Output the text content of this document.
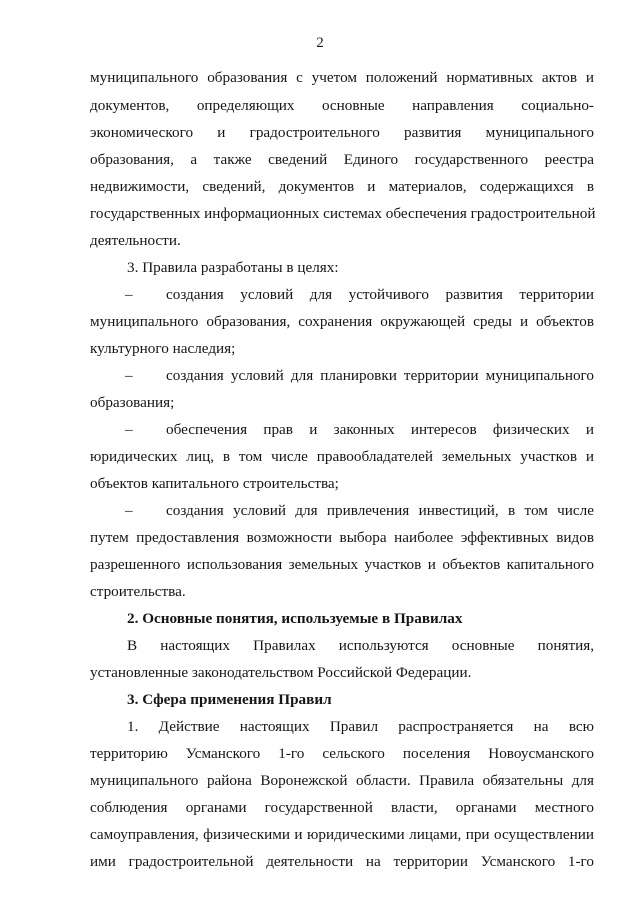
2
муниципального образования с учетом положений нормативных актов и
документов, определяющих основные направления социально-
экономического и градостроительного развития муниципального
образования, а также сведений Единого государственного реестра
недвижимости, сведений, документов и материалов, содержащихся в
государственных информационных системах обеспечения градостроительной
деятельности.
3. Правила разработаны в целях:
– создания условий для устойчивого развития территории
муниципального образования, сохранения окружающей среды и объектов
культурного наследия;
– создания условий для планировки территории муниципального
образования;
– обеспечения прав и законных интересов физических и
юридических лиц, в том числе правообладателей земельных участков и
объектов капитального строительства;
– создания условий для привлечения инвестиций, в том числе
путем предоставления возможности выбора наиболее эффективных видов
разрешенного использования земельных участков и объектов капитального
строительства.
2. Основные понятия, используемые в Правилах
В настоящих Правилах используются основные понятия,
установленные законодательством Российской Федерации.
3. Сфера применения Правил
1. Действие настоящих Правил распространяется на всю
территорию Усманского 1-го сельского поселения Новоусманского
муниципального района Воронежской области. Правила обязательны для
соблюдения органами государственной власти, органами местного
самоуправления, физическими и юридическими лицами, при осуществлении
ими градостроительной деятельности на территории Усманского 1-го
